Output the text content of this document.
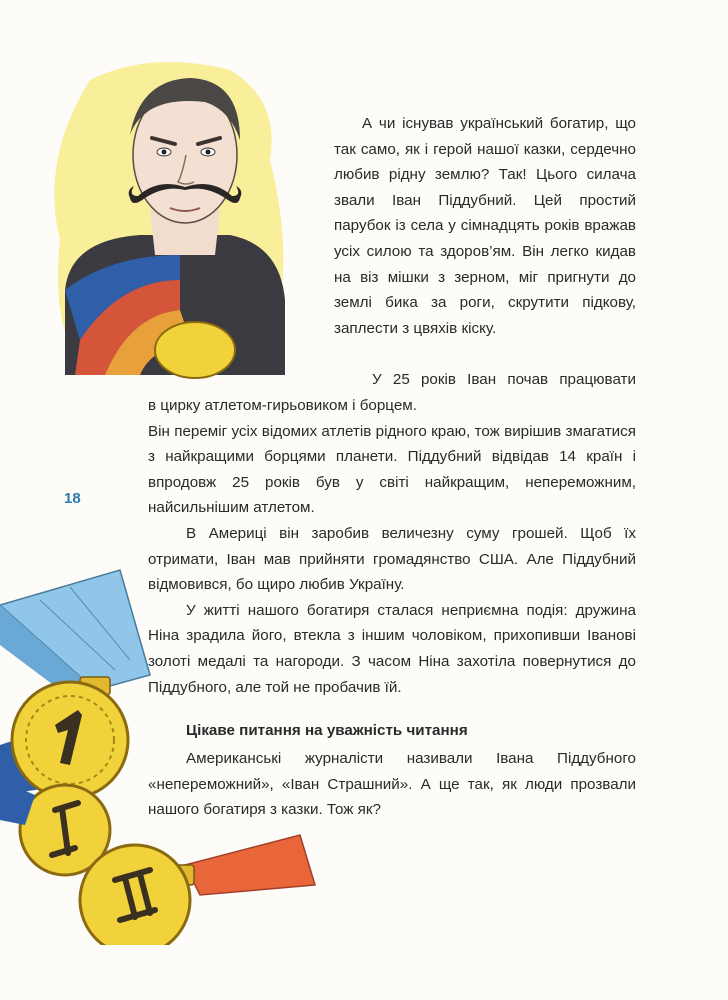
А чи існував український богатир, що так само, як і герой нашої казки, сердечно любив рідну землю? Так! Цього силача звали Іван Піддубний. Цей простий парубок із села у сімнадцять років вражав усіх силою та здоров’ям. Він легко кидав на віз мішки з зерном, міг пригнути до землі бика за роги, скрутити підкову, заплести з цвяхів кіску.

У 25 років Іван почав працювати

в цирку атлетом-гирьовиком і борцем.

Він переміг усіх відомих атлетів рідного краю, тож вирішив змагатися з найкращими борцями планети. Піддубний відвідав 14 країн і впродовж 25 років був у світі найкращим, непереможним, найсильнішим атлетом.

В Америці він заробив величезну суму грошей. Щоб їх отримати, Іван мав прийняти громадянство США. Але Піддубний відмовився, бо щиро любив Україну.

У житті нашого богатиря сталася неприємна подія: дружина Ніна зрадила його, втекла з іншим чоловіком, прихопивши Іванові золоті медалі та нагороди. З часом Ніна захотіла повернутися до Піддубного, але той не пробачив їй.

18
Цікаве питання на уважність читання
Американські журналісти називали Івана Піддубного «непереможний», «Іван Страшний». А ще так, як люди прозвали нашого богатиря з казки. Тож як?
